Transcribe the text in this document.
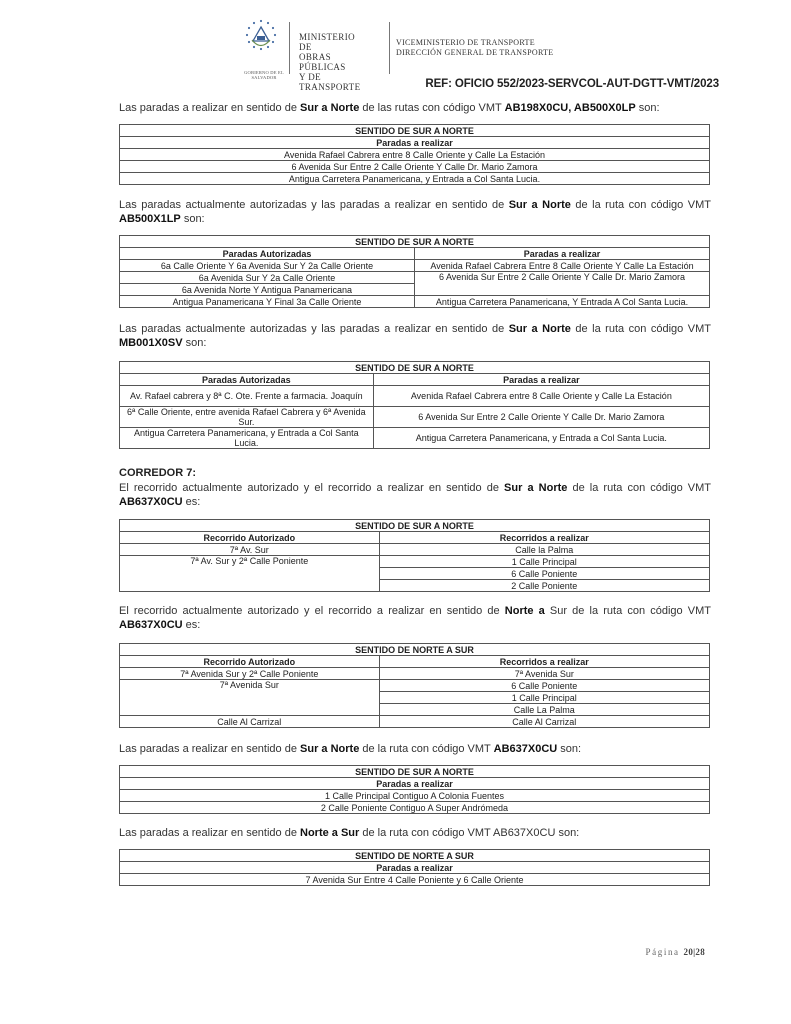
GOBIERNO DE EL SALVADOR
MINISTERIO DE
OBRAS PÚBLICAS
Y DE TRANSPORTE
VICEMINISTERIO DE TRANSPORTE
DIRECCIÓN GENERAL DE TRANSPORTE
REF: OFICIO 552/2023-SERVCOL-AUT-DGTT-VMT/2023
Las paradas a realizar en sentido de Sur a Norte de las rutas con código VMT AB198X0CU, AB500X0LP son:
SENTIDO DE SUR A NORTE
Paradas a realizar
Avenida Rafael Cabrera entre 8 Calle Oriente y Calle La Estación
6 Avenida Sur Entre 2 Calle Oriente Y Calle Dr. Mario Zamora
Antigua Carretera Panamericana, y Entrada a Col Santa Lucia.
Las paradas actualmente autorizadas y las paradas a realizar en sentido de Sur a Norte de la ruta con código VMT AB500X1LP son:
SENTIDO DE SUR A NORTE	
Paradas Autorizadas	Paradas a realizar
6a Calle Oriente Y 6a Avenida Sur Y 2a Calle Oriente	Avenida Rafael Cabrera Entre 8 Calle Oriente Y Calle La Estación
6a Avenida Sur Y 2a Calle Oriente	6 Avenida Sur Entre 2 Calle Oriente Y Calle Dr. Mario Zamora
6a Avenida Norte Y Antigua Panamericana	
Antigua Panamericana Y Final 3a Calle Oriente	Antigua Carretera Panamericana, Y Entrada A Col Santa Lucia.
Las paradas actualmente autorizadas y las paradas a realizar en sentido de Sur a Norte de la ruta con código VMT MB001X0SV son:
SENTIDO DE SUR A NORTE	
Paradas Autorizadas	Paradas a realizar
Av. Rafael cabrera y 8ª C. Ote. Frente a farmacia. Joaquín	Avenida Rafael Cabrera entre 8 Calle Oriente y Calle La Estación
6ª Calle Oriente, entre avenida Rafael Cabrera y 6ª Avenida Sur.	6 Avenida Sur Entre 2 Calle Oriente Y Calle Dr. Mario Zamora
Antigua Carretera Panamericana, y Entrada a Col Santa Lucia.	Antigua Carretera Panamericana, y Entrada a Col Santa Lucia.
CORREDOR 7:
El recorrido actualmente autorizado y el recorrido a realizar en sentido de Sur a Norte de la ruta con código VMT AB637X0CU es:
SENTIDO DE SUR A NORTE	
Recorrido Autorizado	Recorridos a realizar
7ª Av. Sur	Calle la Palma
7ª Av. Sur y 2ª Calle Poniente	1 Calle Principal
	6 Calle Poniente
	2 Calle Poniente
El recorrido actualmente autorizado y el recorrido a realizar en sentido de Norte a Sur de la ruta con código VMT AB637X0CU es:
SENTIDO DE NORTE A SUR	
Recorrido Autorizado	Recorridos a realizar
7ª Avenida Sur y 2ª Calle Poniente	7ª Avenida Sur
7ª Avenida Sur	6 Calle Poniente
	1 Calle Principal
	Calle La Palma
Calle Al Carrizal	Calle Al Carrizal
Las paradas a realizar en sentido de Sur a Norte de la ruta con código VMT AB637X0CU son:
SENTIDO DE SUR A NORTE
Paradas a realizar
1 Calle Principal Contiguo A Colonia Fuentes
2 Calle Poniente Contiguo A Super Andrómeda
Las paradas a realizar en sentido de Norte a Sur de la ruta con código VMT AB637X0CU son:
SENTIDO DE NORTE A SUR
Paradas a realizar
7 Avenida Sur Entre 4 Calle Poniente y 6 Calle Oriente
Página 20|28
